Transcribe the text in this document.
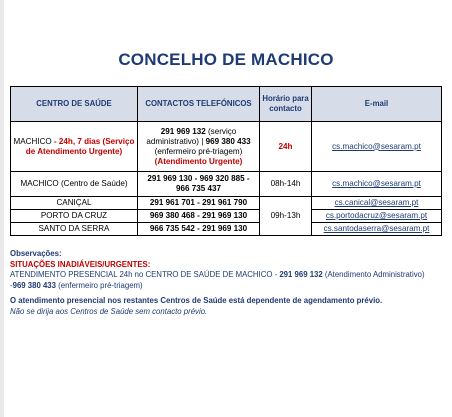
CONCELHO DE MACHICO
CENTRO DE SAÚDE	CONTACTOS TELEFÓNICOS	Horário para contacto	E-mail
MACHICO - 24h, 7 dias (Serviço de Atendimento Urgente)	291 969 132 (serviço administrativo) | 969 380 433 (enfermeiro pré-triagem) (Atendimento Urgente)	24h	cs.machico@sesaram.pt
MACHICO (Centro de Saúde)	291 969 130 - 969 320 885 - 966 735 437	08h-14h	cs.machico@sesaram.pt
CANIÇAL	291 961 701 - 291 961 790	09h-13h	cs.canical@sesaram.pt
PORTO DA CRUZ	969 380 468 - 291 969 130		cs.portodacruz@sesaram.pt
SANTO DA SERRA	966 735 542 - 291 969 130		cs.santodaserra@sesaram.pt
Observações:
SITUAÇÕES INADIÁVEIS/URGENTES:
ATENDIMENTO PRESENCIAL 24h no CENTRO DE SAÚDE DE MACHICO - 291 969 132 (Atendimento Administrativo) -969 380 433 (enfermeiro pré-triagem)
O atendimento presencial nos restantes Centros de Saúde está dependente de agendamento prévio.
Não se dirija aos Centros de Saúde sem contacto prévio.
